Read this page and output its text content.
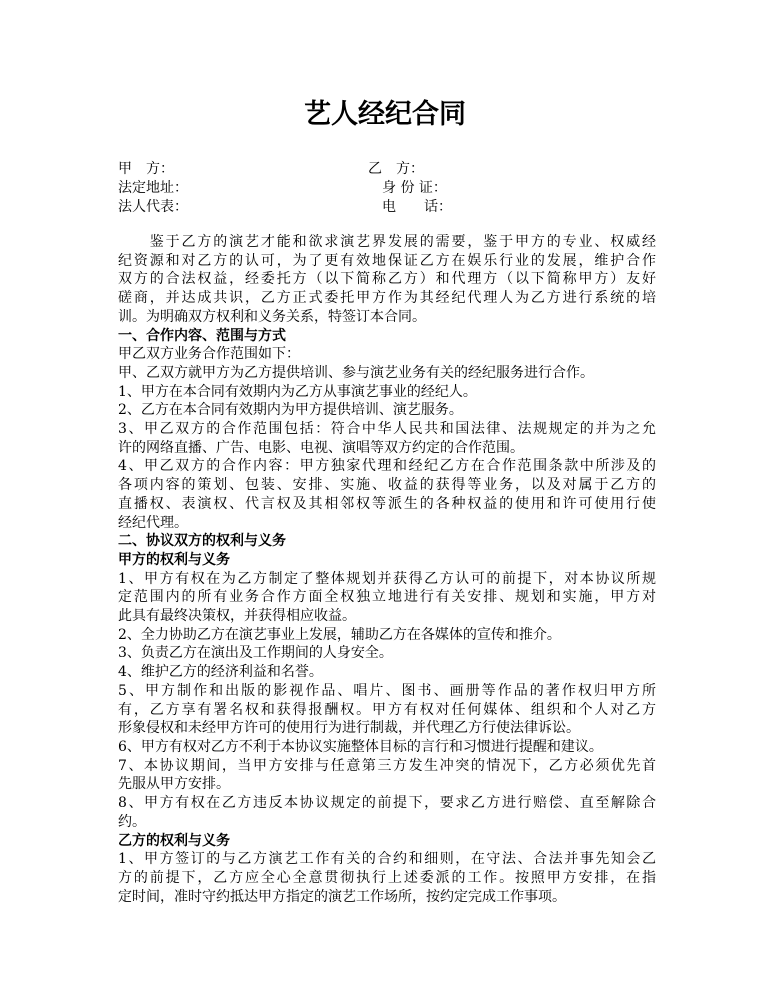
艺人经纪合同
甲　方：	乙　方：
法定地址：	身 份 证：
法人代表：	电　　话：
　　鉴于乙方的演艺才能和欲求演艺界发展的需要，鉴于甲方的专业、权威经
纪资源和对乙方的认可，为了更有效地保证乙方在娱乐行业的发展，维护合作
双方的合法权益，经委托方（以下简称乙方）和代理方（以下简称甲方）友好
磋商，并达成共识，乙方正式委托甲方作为其经纪代理人为乙方进行系统的培
训。为明确双方权利和义务关系，特签订本合同。
一、合作内容、范围与方式
甲乙双方业务合作范围如下：
甲、乙双方就甲方为乙方提供培训、参与演艺业务有关的经纪服务进行合作。
1、甲方在本合同有效期内为乙方从事演艺事业的经纪人。
2、乙方在本合同有效期内为甲方提供培训、演艺服务。
3、甲乙双方的合作范围包括：符合中华人民共和国法律、法规规定的并为之允
许的网络直播、广告、电影、电视、演唱等双方约定的合作范围。
4、甲乙双方的合作内容：甲方独家代理和经纪乙方在合作范围条款中所涉及的
各项内容的策划、包装、安排、实施、收益的获得等业务，以及对属于乙方的
直播权、表演权、代言权及其相邻权等派生的各种权益的使用和许可使用行使
经纪代理。
二、协议双方的权利与义务
甲方的权利与义务
1、甲方有权在为乙方制定了整体规划并获得乙方认可的前提下，对本协议所规
定范围内的所有业务合作方面全权独立地进行有关安排、规划和实施，甲方对
此具有最终决策权，并获得相应收益。
2、全力协助乙方在演艺事业上发展，辅助乙方在各媒体的宣传和推介。
3、负责乙方在演出及工作期间的人身安全。
4、维护乙方的经济利益和名誉。
5、甲方制作和出版的影视作品、唱片、图书、画册等作品的著作权归甲方所
有，乙方享有署名权和获得报酬权。甲方有权对任何媒体、组织和个人对乙方
形象侵权和未经甲方许可的使用行为进行制裁，并代理乙方行使法律诉讼。
6、甲方有权对乙方不利于本协议实施整体目标的言行和习惯进行提醒和建议。
7、本协议期间，当甲方安排与任意第三方发生冲突的情况下，乙方必须优先首
先服从甲方安排。
8、甲方有权在乙方违反本协议规定的前提下，要求乙方进行赔偿、直至解除合
约。
乙方的权利与义务
1、甲方签订的与乙方演艺工作有关的合约和细则，在守法、合法并事先知会乙
方的前提下，乙方应全心全意贯彻执行上述委派的工作。按照甲方安排，在指
定时间，准时守约抵达甲方指定的演艺工作场所，按约定完成工作事项。
